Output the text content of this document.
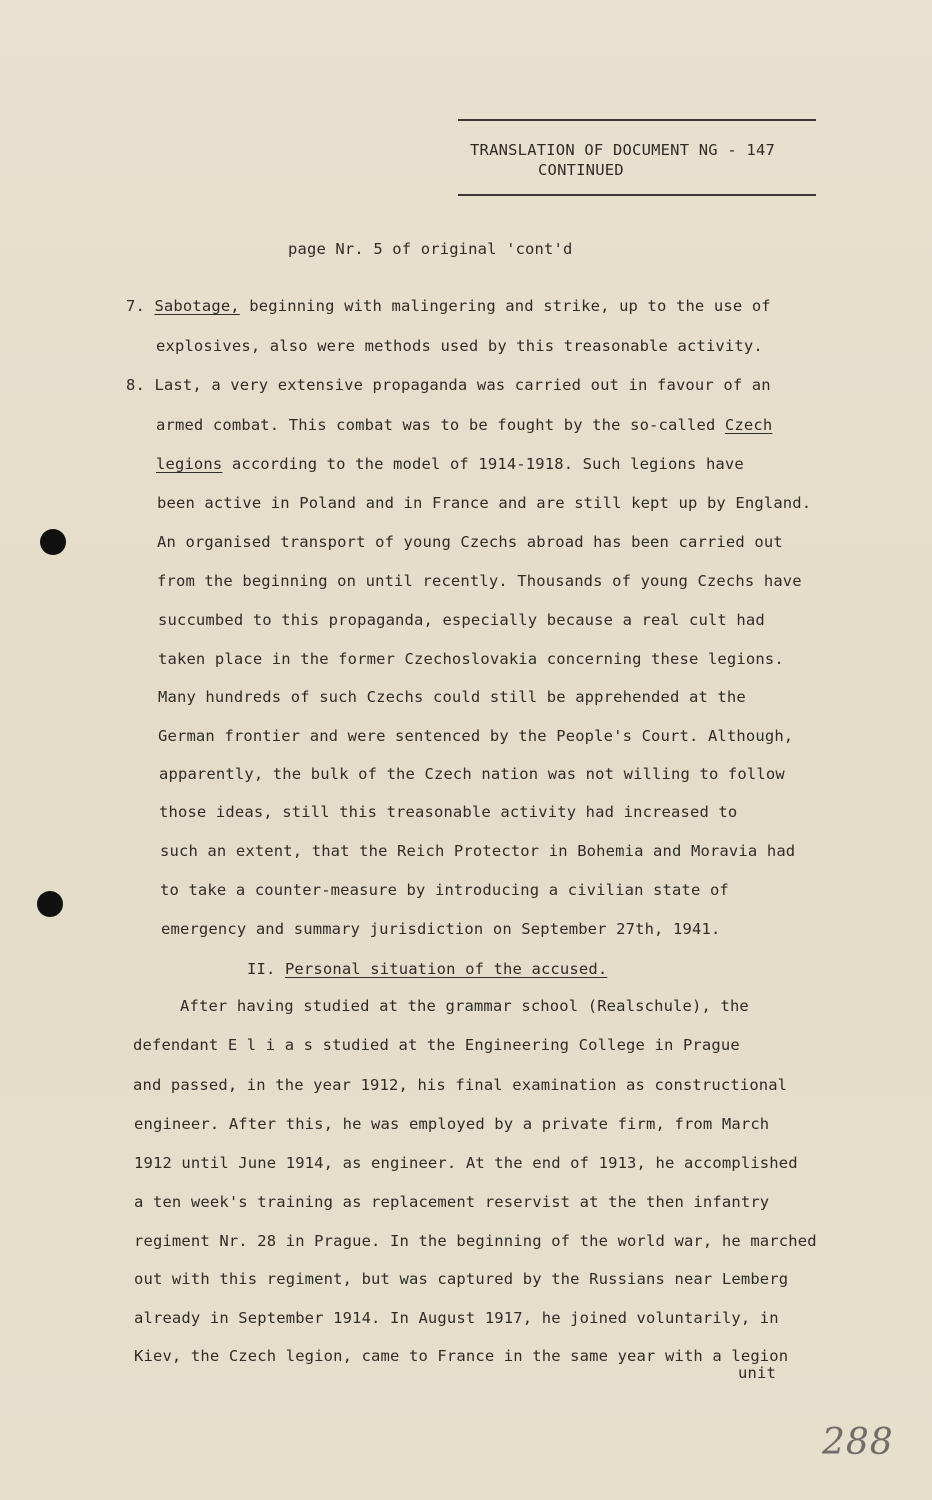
TRANSLATION OF DOCUMENT NG - 147
CONTINUED
page Nr. 5 of original 'cont'd
7. Sabotage, beginning with malingering and strike, up to the use of
explosives, also were methods used by this treasonable activity.
8. Last, a very extensive propaganda was carried out in favour of an
armed combat. This combat was to be fought by the so-called Czech
legions according to the model of 1914-1918. Such legions have
been active in Poland and in France and are still kept up by England.
An organised transport of young Czechs abroad has been carried out
from the beginning on until recently. Thousands of young Czechs have
succumbed to this propaganda, especially because a real cult had
taken place in the former Czechoslovakia concerning these legions.
Many hundreds of such Czechs could still be apprehended at the
German frontier and were sentenced by the People's Court. Although,
apparently, the bulk of the Czech nation was not willing to follow
those ideas, still this treasonable activity had increased to
such an extent, that the Reich Protector in Bohemia and Moravia had
to take a counter-measure by introducing a civilian state of
emergency and summary jurisdiction on September 27th, 1941.
II. Personal situation of the accused.
After having studied at the grammar school (Realschule), the
defendant E l i a s studied at the Engineering College in Prague
and passed, in the year 1912, his final examination as constructional
engineer. After this, he was employed by a private firm, from March
1912 until June 1914, as engineer. At the end of 1913, he accomplished
a ten week's training as replacement reservist at the then infantry
regiment Nr. 28 in Prague. In the beginning of the world war, he marched
out with this regiment, but was captured by the Russians near Lemberg
already in September 1914. In August 1917, he joined voluntarily, in
Kiev, the Czech legion, came to France in the same year with a legion
unit
288
